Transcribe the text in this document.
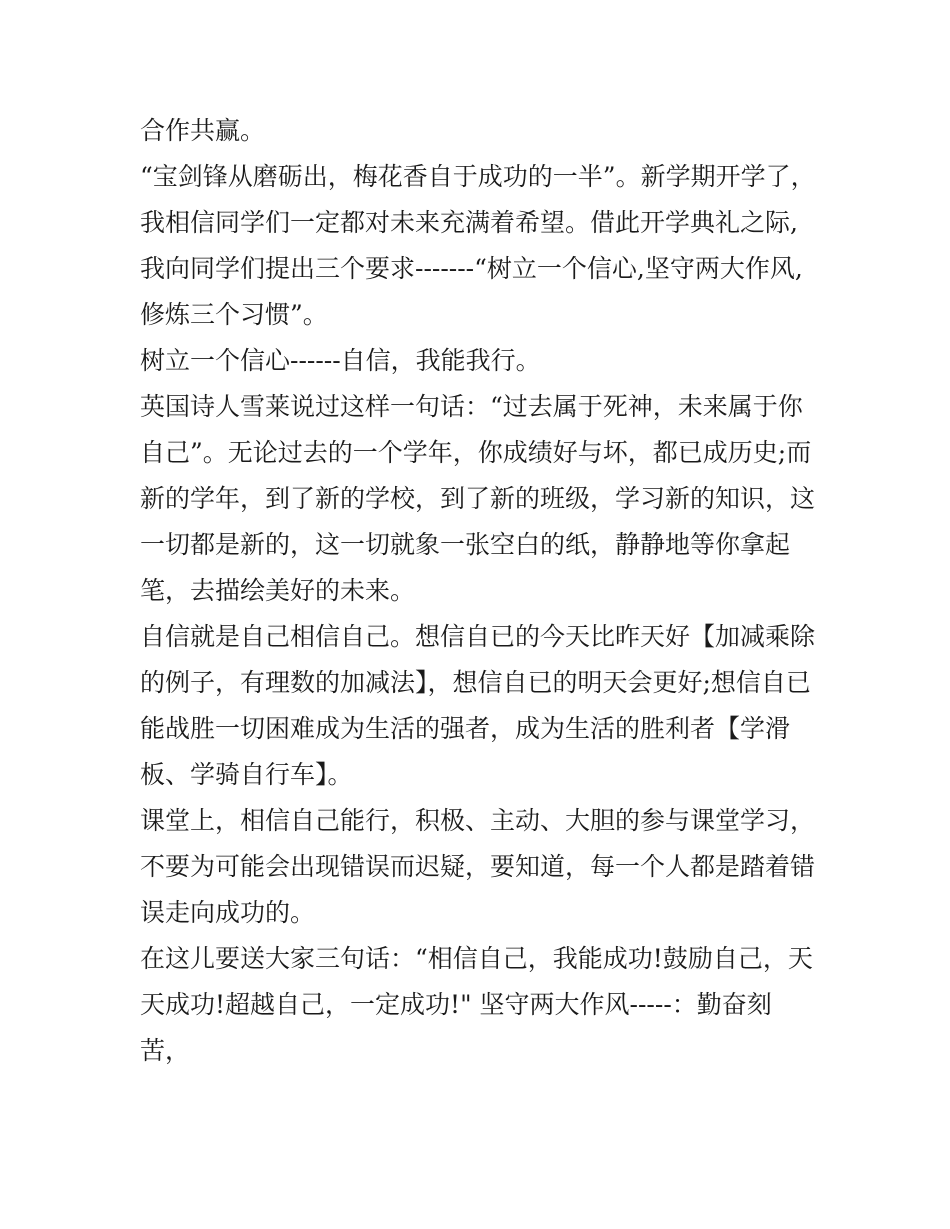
合作共赢。

“宝剑锋从磨砺出，梅花香自于成功的一半”。新学期开学了，我相信同学们一定都对未来充满着希望。借此开学典礼之际,我向同学们提出三个要求-------“树立一个信心,坚守两大作风,修炼三个习惯”。

树立一个信心------自信，我能我行。

英国诗人雪莱说过这样一句话：“过去属于死神，未来属于你自己”。无论过去的一个学年，你成绩好与坏，都已成历史;而新的学年，到了新的学校，到了新的班级，学习新的知识，这一切都是新的，这一切就象一张空白的纸，静静地等你拿起笔，去描绘美好的未来。

自信就是自己相信自己。想信自已的今天比昨天好【加减乘除的例子，有理数的加减法】，想信自已的明天会更好;想信自已能战胜一切困难成为生活的强者，成为生活的胜利者【学滑板、学骑自行车】。

课堂上，相信自己能行，积极、主动、大胆的参与课堂学习，不要为可能会出现错误而迟疑，要知道，每一个人都是踏着错误走向成功的。

在这儿要送大家三句话：“相信自己，我能成功!鼓励自己，天天成功!超越自己，一定成功!" 坚守两大作风-----：勤奋刻苦，
